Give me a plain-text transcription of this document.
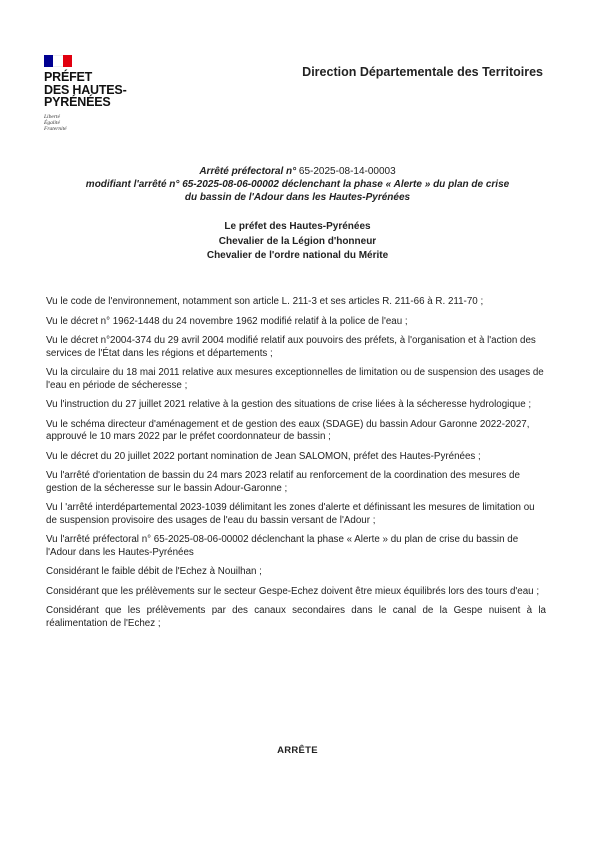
PRÉFET
DES HAUTES-
PYRÉNÉES
Liberté
Égalité
Fraternité
Direction Départementale des Territoires
Arrêté préfectoral n° 65-2025-08-14-00003
modifiant l'arrêté n° 65-2025-08-06-00002 déclenchant la phase « Alerte » du plan de crise
du bassin de l'Adour dans les Hautes-Pyrénées
Le préfet des Hautes-Pyrénées
Chevalier de la Légion d'honneur
Chevalier de l'ordre national du Mérite

Vu le code de l'environnement, notamment son article L. 211-3 et ses articles R. 211-66 à R. 211-70 ;

Vu le décret n° 1962-1448 du 24 novembre 1962 modifié relatif à la police de l'eau ;

Vu le décret n°2004-374 du 29 avril 2004 modifié relatif aux pouvoirs des préfets, à l'organisation et à l'action des services de l'État dans les régions et départements ;

Vu la circulaire du 18 mai 2011 relative aux mesures exceptionnelles de limitation ou de suspension des usages de l'eau en période de sécheresse ;

Vu l'instruction du 27 juillet 2021 relative à la gestion des situations de crise liées à la sécheresse hydrologique ;

Vu le schéma directeur d'aménagement et de gestion des eaux (SDAGE) du bassin Adour Garonne 2022-2027, approuvé le 10 mars 2022 par le préfet coordonnateur de bassin ;

Vu le décret du 20 juillet 2022 portant nomination de Jean SALOMON, préfet des Hautes-Pyrénées ;

Vu l'arrêté d'orientation de bassin du 24 mars 2023 relatif au renforcement de la coordination des mesures de gestion de la sécheresse sur le bassin Adour-Garonne ;

Vu l 'arrêté interdépartemental 2023-1039 délimitant les zones d'alerte et définissant les mesures de limitation ou de suspension provisoire des usages de l'eau du bassin versant de l'Adour ;

Vu l'arrêté préfectoral n° 65-2025-08-06-00002 déclenchant la phase « Alerte » du plan de crise du bassin de l'Adour dans les Hautes-Pyrénées

Considérant le faible débit de l'Echez à Nouilhan ;

Considérant que les prélèvements sur le secteur Gespe-Echez doivent être mieux équilibrés lors des tours d'eau ;

Considérant que les prélèvements par des canaux secondaires dans le canal de la Gespe nuisent à la réalimentation de l'Echez ;

ARRÊTE
